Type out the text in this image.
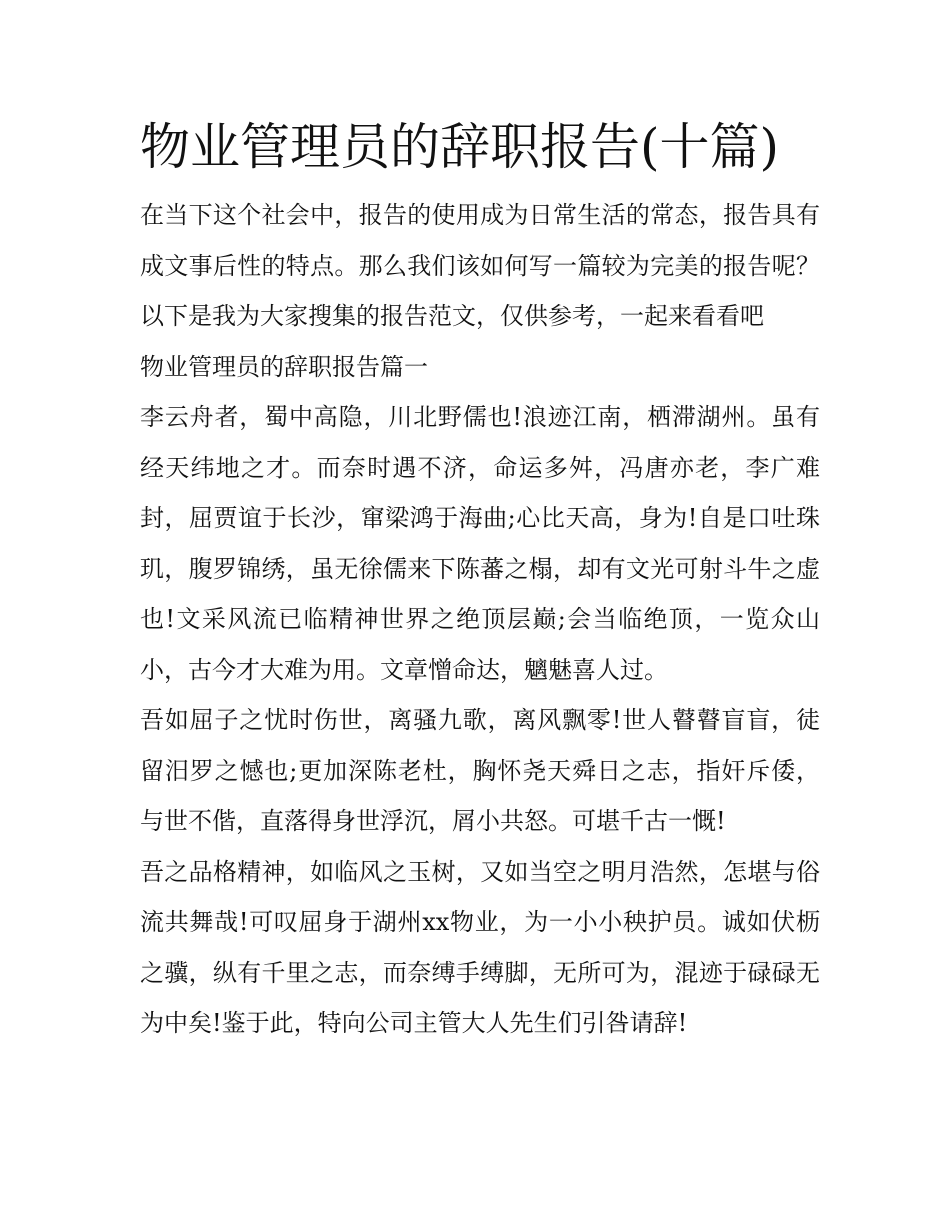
物业管理员的辞职报告(十篇)

在当下这个社会中，报告的使用成为日常生活的常态，报告具有成文事后性的特点。那么我们该如何写一篇较为完美的报告呢？以下是我为大家搜集的报告范文，仅供参考，一起来看看吧

物业管理员的辞职报告篇一

李云舟者，蜀中高隐，川北野儒也!浪迹江南，栖滞湖州。虽有经天纬地之才。而奈时遇不济，命运多舛，冯唐亦老，李广难封，屈贾谊于长沙，窜梁鸿于海曲;心比天高，身为!自是口吐珠玑，腹罗锦绣，虽无徐儒来下陈蕃之榻，却有文光可射斗牛之虚也!文采风流已临精神世界之绝顶层巅;会当临绝顶，一览众山小，古今才大难为用。文章憎命达，魑魅喜人过。

吾如屈子之忧时伤世，离骚九歌，离风飘零!世人瞽瞽盲盲，徒留汨罗之憾也;更加深陈老杜，胸怀尧天舜日之志，指奸斥倭，与世不偕，直落得身世浮沉，屑小共怒。可堪千古一慨!

吾之品格精神，如临风之玉树，又如当空之明月浩然，怎堪与俗流共舞哉!可叹屈身于湖州xx物业，为一小小秧护员。诚如伏枥之骥，纵有千里之志，而奈缚手缚脚，无所可为，混迹于碌碌无为中矣!鉴于此，特向公司主管大人先生们引咎请辞!
